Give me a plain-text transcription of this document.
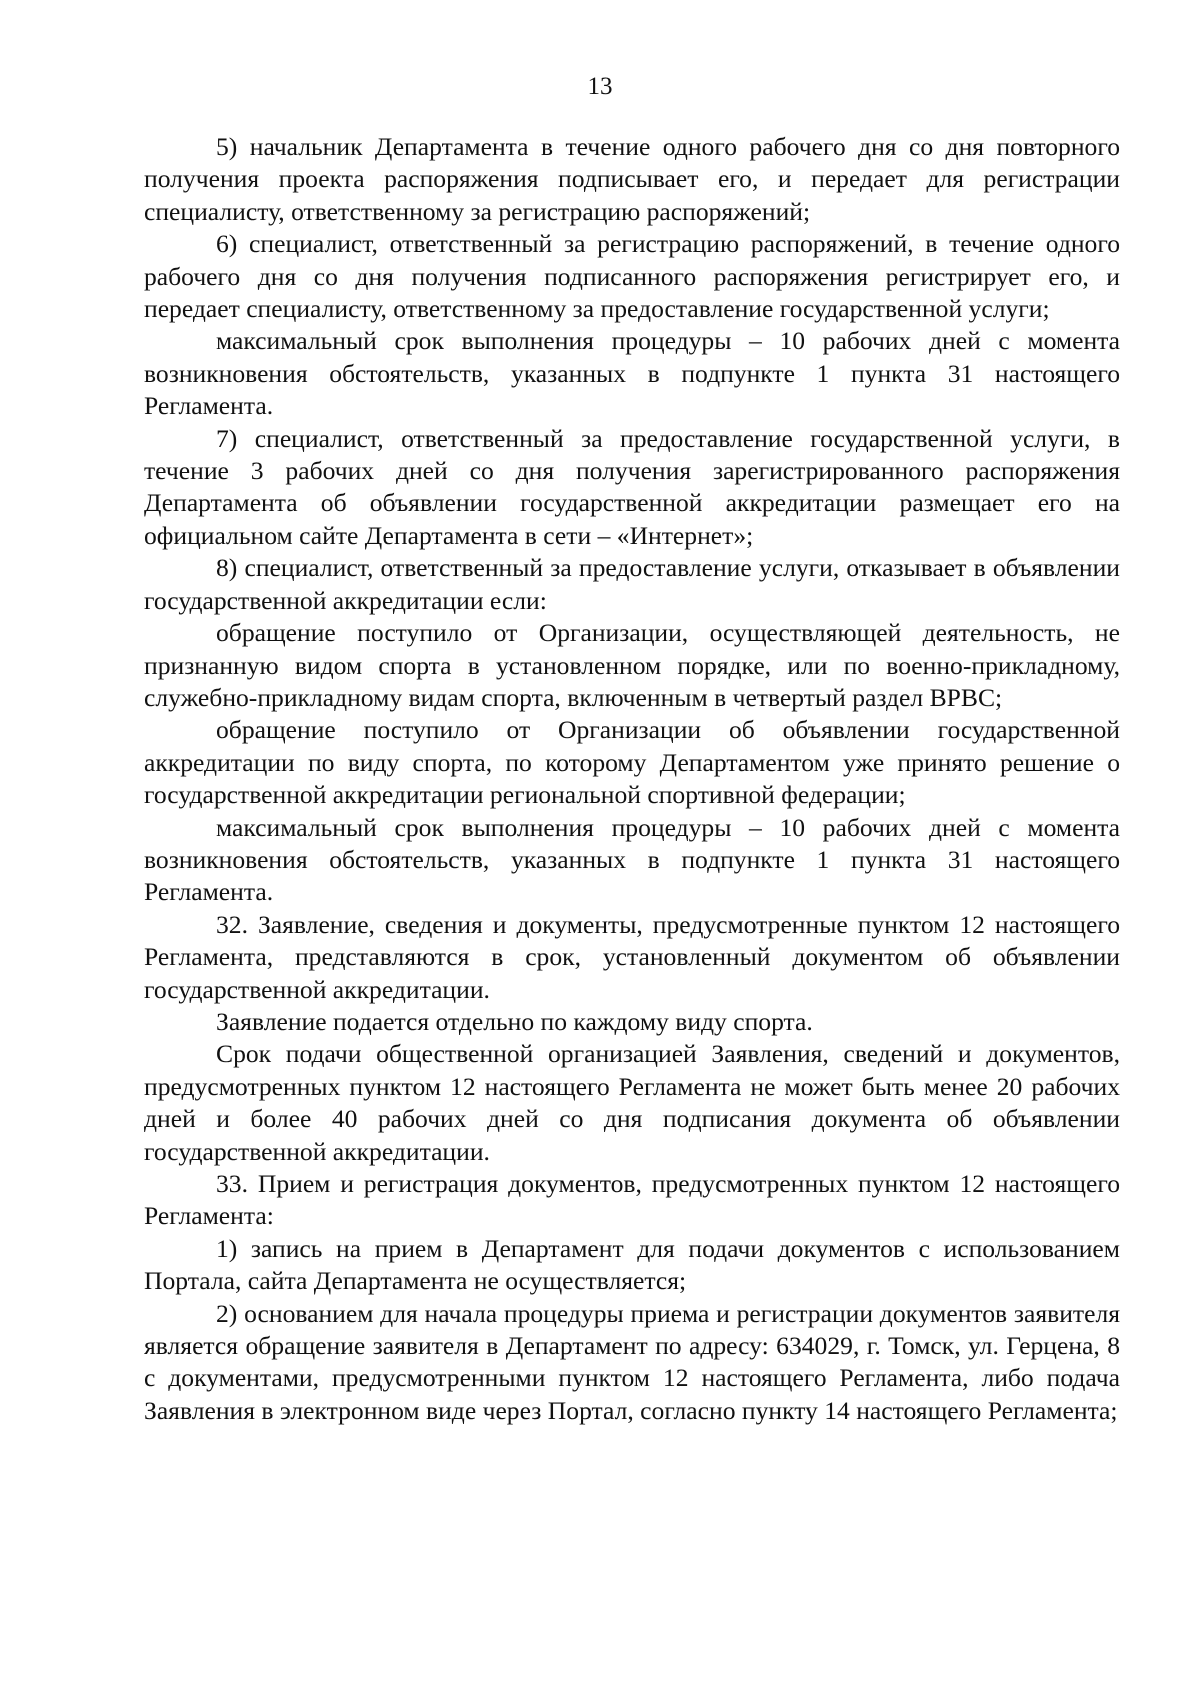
13

5) начальник Департамента в течение одного рабочего дня со дня повторного получения проекта распоряжения подписывает его, и передает для регистрации специалисту, ответственному за регистрацию распоряжений;

6) специалист, ответственный за регистрацию распоряжений, в течение одного рабочего дня со дня получения подписанного распоряжения регистрирует его, и передает специалисту, ответственному за предоставление государственной услуги;

максимальный срок выполнения процедуры – 10 рабочих дней с момента возникновения обстоятельств, указанных в подпункте 1 пункта 31 настоящего Регламента.

7) специалист, ответственный за предоставление государственной услуги, в течение 3 рабочих дней со дня получения зарегистрированного распоряжения Департамента об объявлении государственной аккредитации размещает его на официальном сайте Департамента в сети – «Интернет»;

8) специалист, ответственный за предоставление услуги, отказывает в объявлении государственной аккредитации если:

обращение поступило от Организации, осуществляющей деятельность, не признанную видом спорта в установленном порядке, или по военно-прикладному, служебно-прикладному видам спорта, включенным в четвертый раздел ВРВС;

обращение поступило от Организации об объявлении государственной аккредитации по виду спорта, по которому Департаментом уже принято решение о государственной аккредитации региональной спортивной федерации;

максимальный срок выполнения процедуры – 10 рабочих дней с момента возникновения обстоятельств, указанных в подпункте 1 пункта 31 настоящего Регламента.

32. Заявление, сведения и документы, предусмотренные пунктом 12 настоящего Регламента, представляются в срок, установленный документом об объявлении государственной аккредитации.

Заявление подается отдельно по каждому виду спорта.

Срок подачи общественной организацией Заявления, сведений и документов, предусмотренных пунктом 12 настоящего Регламента не может быть менее 20 рабочих дней и более 40 рабочих дней со дня подписания документа об объявлении государственной аккредитации.

33. Прием и регистрация документов, предусмотренных пунктом 12 настоящего Регламента:

1) запись на прием в Департамент для подачи документов с использованием Портала, сайта Департамента не осуществляется;

2) основанием для начала процедуры приема и регистрации документов заявителя является обращение заявителя в Департамент по адресу: 634029, г. Томск, ул. Герцена, 8 с документами, предусмотренными пунктом 12 настоящего Регламента, либо подача Заявления в электронном виде через Портал, согласно пункту 14 настоящего Регламента;
